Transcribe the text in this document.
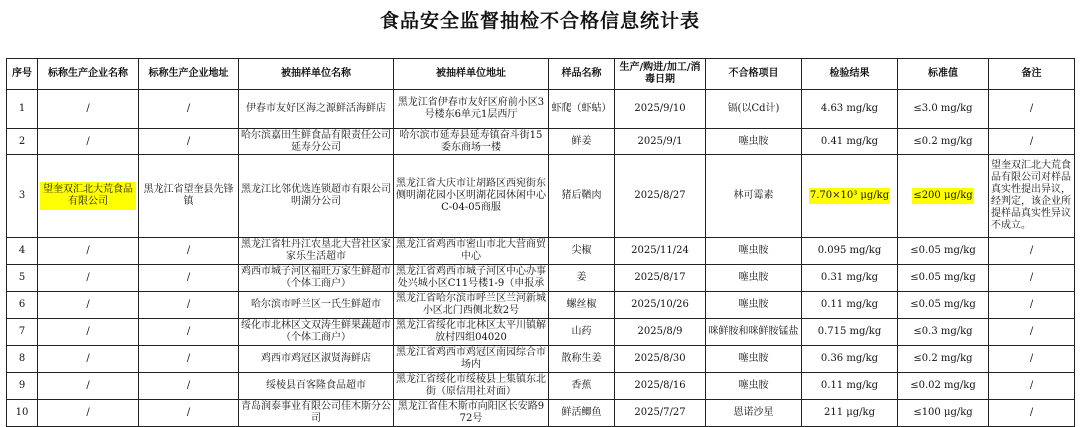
食品安全监督抽检不合格信息统计表
序号	标称生产企业名称	标称生产企业地址	被抽样单位名称	被抽样单位地址	样品名称	生产/购进/加工/消毒日期	不合格项目	检验结果	标准值	备注
1	/	/	伊春市友好区海之源鲜活海鲜店	黑龙江省伊春市友好区府前小区3号楼东6单元1层西厅	虾爬（虾蛄）	2025/9/10	镉(以Cd计)	4.63 mg/kg	≤3.0 mg/kg	/
2	/	/	哈尔滨嘉田生鲜食品有限责任公司延寿分公司	哈尔滨市延寿县延寿镇奋斗街15委东商场一楼	鲜姜	2025/9/1	噻虫胺	0.41 mg/kg	≤0.2 mg/kg	/
3	望奎双汇北大荒食品有限公司	黑龙江省望奎县先锋镇	黑龙江比邻优选连锁超市有限公司明湖分公司	黑龙江省大庆市让胡路区西宛街东侧明湖花园小区明湖花园休闲中心C-04-05商服	猪后鞧肉	2025/8/27	林可霉素	7.70×10³ μg/kg	≤200 μg/kg	望奎双汇北大荒食品有限公司对样品真实性提出异议，经判定，该企业所提样品真实性异议不成立。
4	/	/	黑龙江省牡丹江农垦北大营社区家家乐生活超市	黑龙江省鸡西市密山市北大营商贸中心	尖椒	2025/11/24	噻虫胺	0.095 mg/kg	≤0.05 mg/kg	/
5	/	/	鸡西市城子河区福旺万家生鲜超市（个体工商户）	黑龙江省鸡西市城子河区中心办事处兴城小区C11号楼1-9（申报承	姜	2025/8/17	噻虫胺	0.31 mg/kg	≤0.05 mg/kg	/
6	/	/	哈尔滨市呼兰区一氏生鲜超市	黑龙江省哈尔滨市呼兰区兰河新城小区北门西侧北数2号	螺丝椒	2025/10/26	噻虫胺	0.11 mg/kg	≤0.05 mg/kg	/
7	/	/	绥化市北林区文双涛生鲜果蔬超市（个体工商户）	黑龙江省绥化市北林区太平川镇解放村四组04020	山药	2025/8/9	咪鲜胺和咪鲜胺锰盐	0.715 mg/kg	≤0.3 mg/kg	/
8	/	/	鸡西市鸡冠区淑贤海鲜店	黑龙江省鸡西市鸡冠区南园综合市场内	散称生姜	2025/8/30	噻虫胺	0.36 mg/kg	≤0.2 mg/kg	/
9	/	/	绥棱县百客隆食品超市	黑龙江省绥化市绥棱县上集镇东北街（原信用社对面）	香蕉	2025/8/16	噻虫胺	0.11 mg/kg	≤0.02 mg/kg	/
10	/	/	青岛润泰事业有限公司佳木斯分公司	黑龙江省佳木斯市向阳区长安路972号	鲜活鲫鱼	2025/7/27	恩诺沙星	211 μg/kg	≤100 μg/kg	/
